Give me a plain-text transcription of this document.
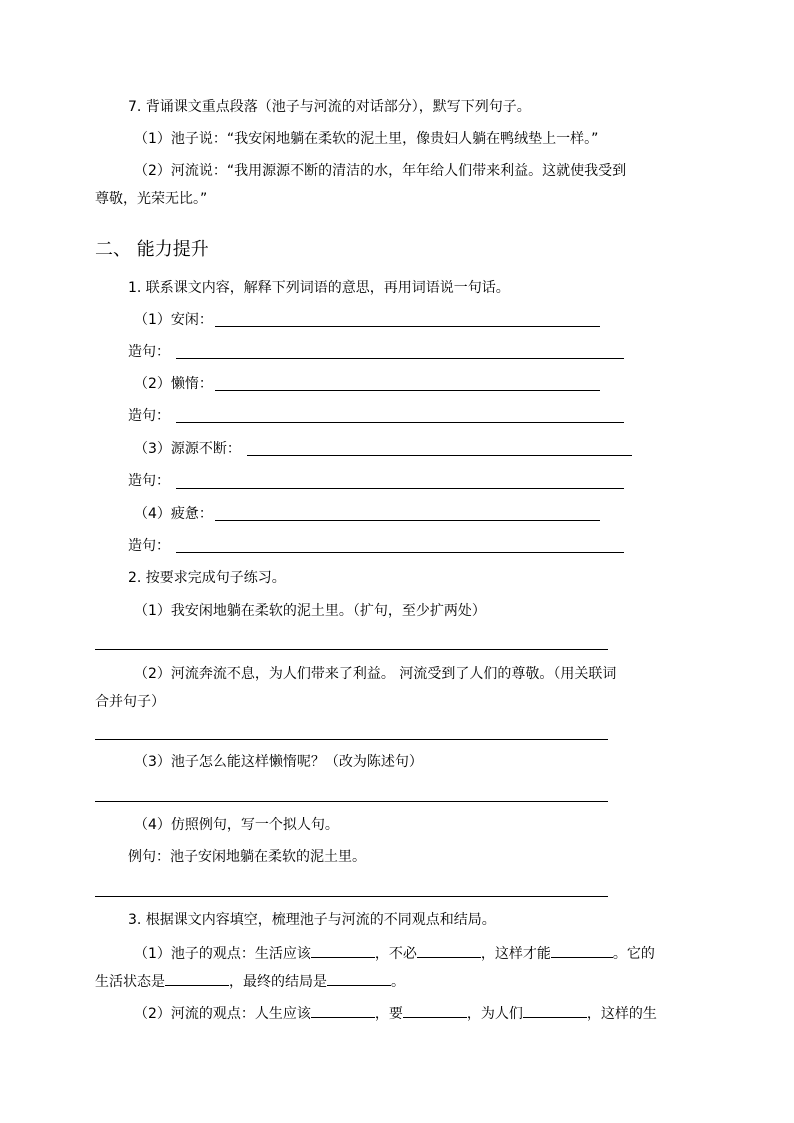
7. 背诵课文重点段落（池子与河流的对话部分），默写下列句子。
（1）池子说：“我安闲地躺在柔软的泥土里，像贵妇人躺在鸭绒垫上一样。”
（2）河流说：“我用源源不断的清洁的水，年年给人们带来利益。这就使我受到
尊敬，光荣无比。”
二、 能力提升
1. 联系课文内容，解释下列词语的意思，再用词语说一句话。
（1）安闲：
造句：
（2）懒惰：
造句：
（3）源源不断：
造句：
（4）疲惫：
造句：
2. 按要求完成句子练习。
（1）我安闲地躺在柔软的泥土里。（扩句，至少扩两处）
（2）河流奔流不息，为人们带来了利益。 河流受到了人们的尊敬。（用关联词
合并句子）
（3）池子怎么能这样懒惰呢？（改为陈述句）
（4）仿照例句，写一个拟人句。
例句：池子安闲地躺在柔软的泥土里。
3. 根据课文内容填空，梳理池子与河流的不同观点和结局。
（1）池子的观点：生活应该	，不必	，这样才能	。它的
生活状态是	，最终的结局是	。
（2）河流的观点：人生应该	，要	，为人们	，这样的生
